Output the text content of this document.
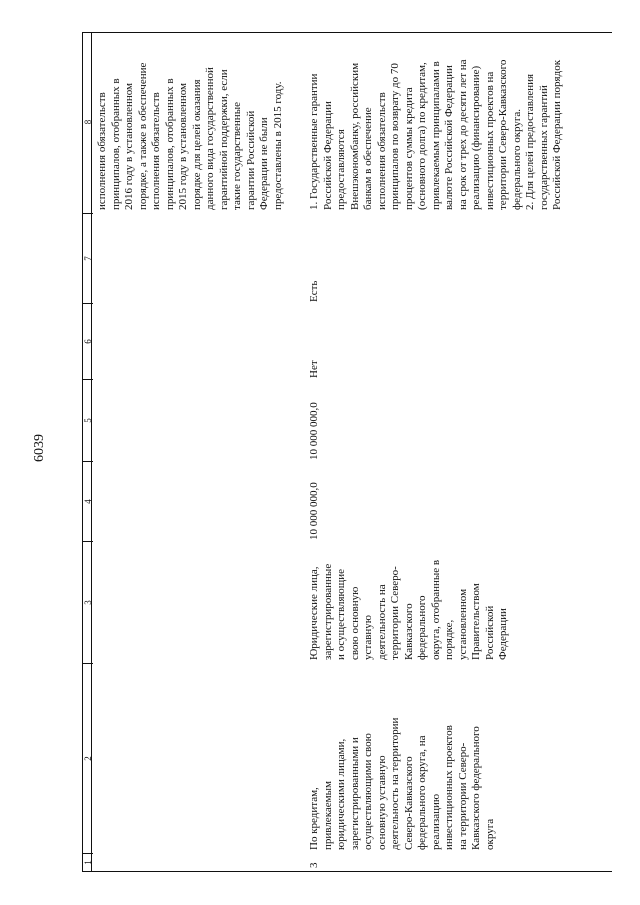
6039
1
2
3
4
5
6
7
8
исполнения обязательств
принципалов, отобранных в
2016 году в установленном
порядке, а также в обеспечение
исполнения обязательств
принципалов, отобранных в
2015 году в установленном
порядке для целей оказания
данного вида государственной
гарантийной поддержки, если
такие государственные
гарантии Российской
Федерации не были
предоставлены в 2015 году.
3
По кредитам,
привлекаемым
юридическими лицами,
зарегистрированными и
осуществляющими свою
основную уставную
деятельность на территории
Северо-Кавказского
федерального округа, на
реализацию
инвестиционных проектов
на территории Северо-
Кавказского федерального
округа
Юридические лица,
зарегистрированные
и осуществляющие
свою основную
уставную
деятельность на
территории Северо-
Кавказского
федерального
округа, отобранные в
порядке,
установленном
Правительством
Российской
Федерации
10 000 000,0
10 000 000,0
Нет
Есть
1. Государственные гарантии
Российской Федерации
предоставляются
Внешэкономбанку, российским
банкам в обеспечение
исполнения обязательств
принципалов по возврату до 70
процентов суммы кредита
(основного долга) по кредитам,
привлекаемым принципалами в
валюте Российской Федерации
на срок от трех до десяти лет на
реализацию (финансирование)
инвестиционных проектов на
территории Северо-Кавказского
федерального округа.
2. Для целей предоставления
государственных гарантий
Российской Федерации порядок
